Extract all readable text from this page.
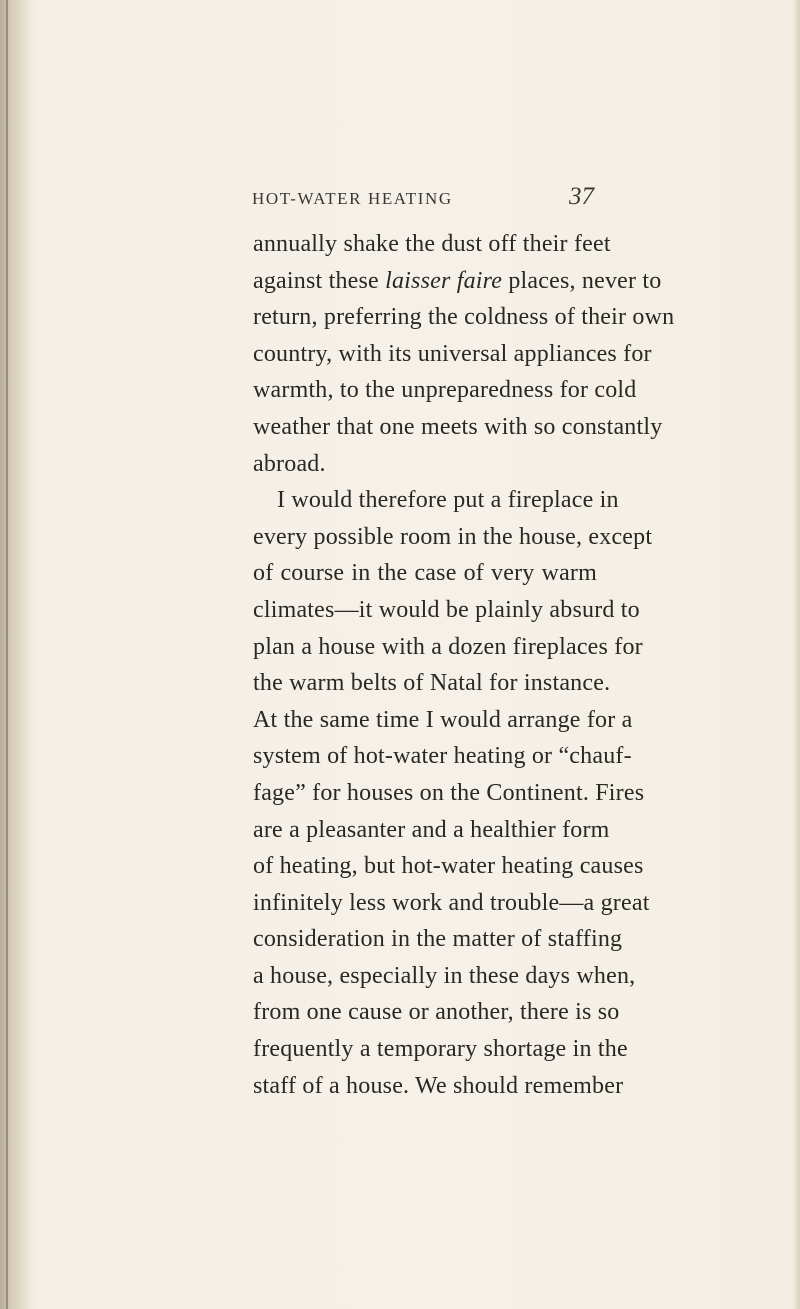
HOT-WATER HEATING	37
annually shake the dust off their feet
against these laisser faire places, never to
return, preferring the coldness of their own
country, with its universal appliances for
warmth, to the unpreparedness for cold
weather that one meets with so constantly
abroad.
I would therefore put a fireplace in
every possible room in the house, except
of course in the case of very warm
climates—it would be plainly absurd to
plan a house with a dozen fireplaces for
the warm belts of Natal for instance.
At the same time I would arrange for a
system of hot-water heating or “chauf-
fage” for houses on the Continent. Fires
are a pleasanter and a healthier form
of heating, but hot-water heating causes
infinitely less work and trouble—a great
consideration in the matter of staffing
a house, especially in these days when,
from one cause or another, there is so
frequently a temporary shortage in the
staff of a house. We should remember
